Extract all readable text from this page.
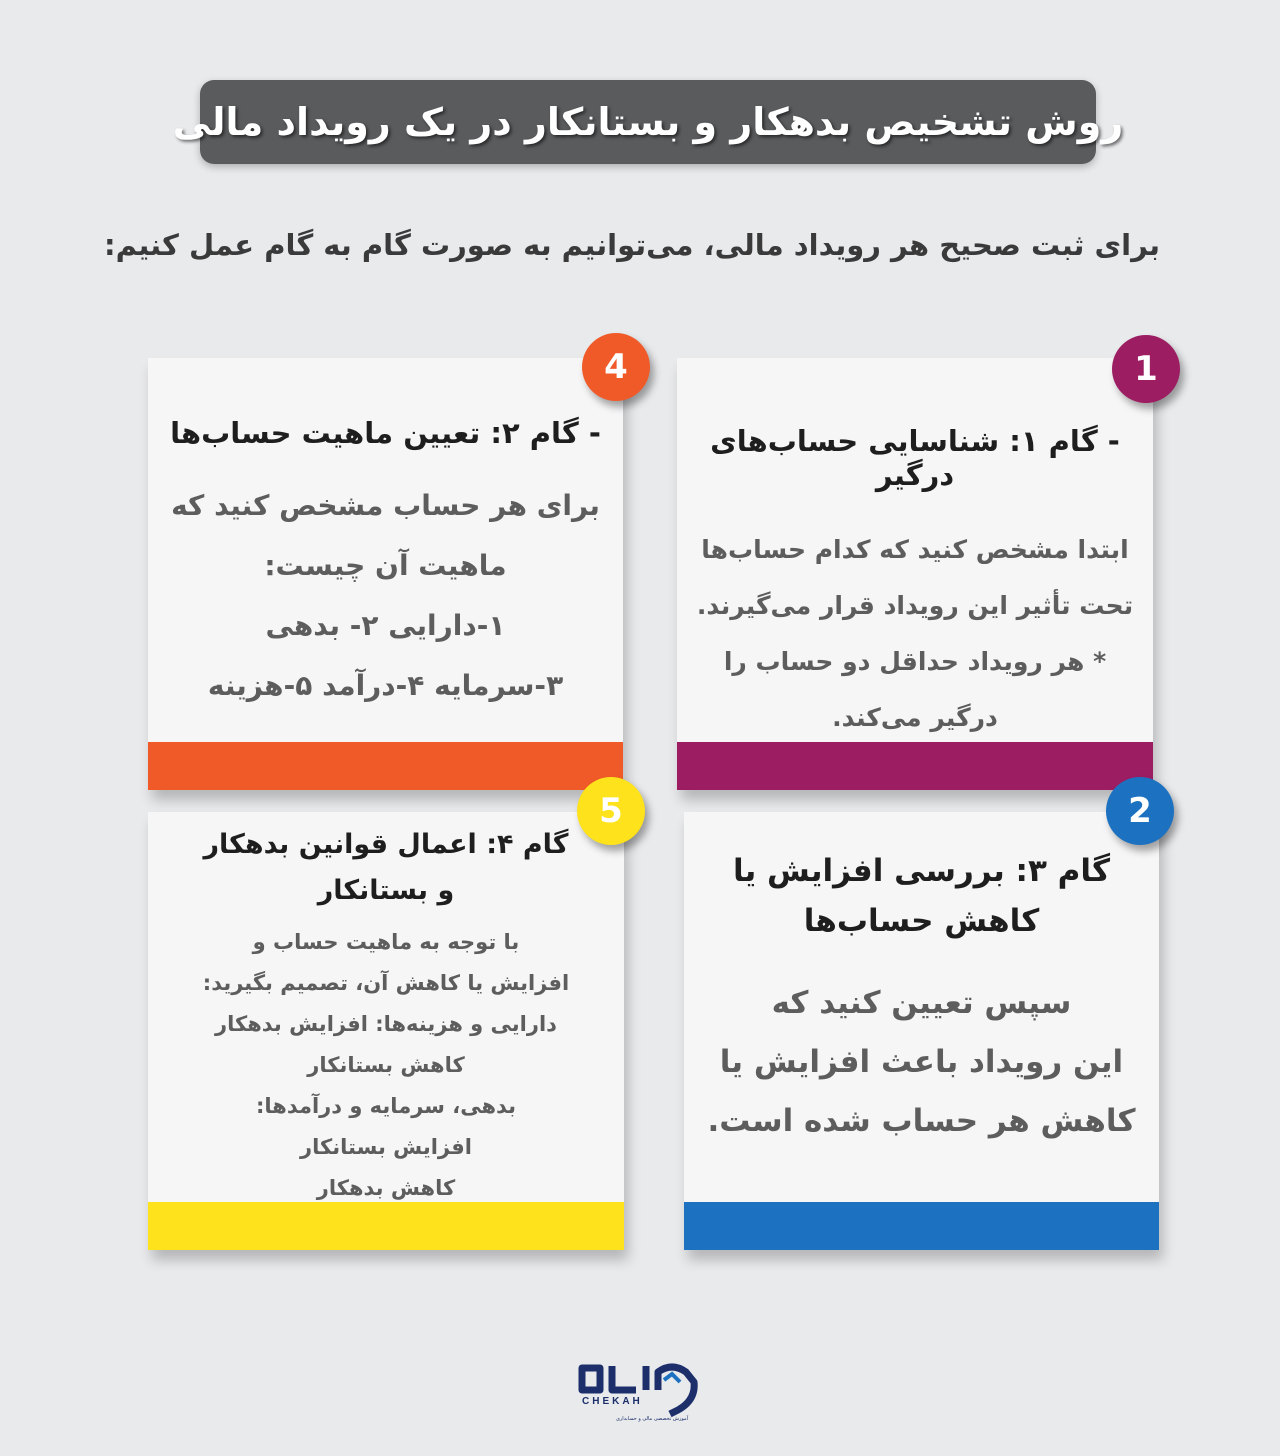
روش تشخیص بدهکار و بستانکار در یک رویداد مالی
برای ثبت صحیح هر رویداد مالی، می‌توانیم به صورت گام به گام عمل کنیم:
- گام ۱: شناسایی حساب‌های درگیر
ابتدا مشخص کنید که کدام حساب‌ها
تحت تأثیر این رویداد قرار می‌گیرند.
* هر رویداد حداقل دو حساب را
درگیر می‌کند.
1
- گام ۲: تعیین ماهیت حساب‌ها
برای هر حساب مشخص کنید که
ماهیت آن چیست:
۱-دارایی ۲- بدهی
۳-سرمایه ۴-درآمد ۵-هزینه
4
گام ۳: بررسی افزایش یا
کاهش حساب‌ها
سپس تعیین کنید که
این رویداد باعث افزایش یا
کاهش هر حساب شده است.
2
گام ۴: اعمال قوانین بدهکار
و بستانکار
با توجه به ماهیت حساب و
افزایش یا کاهش آن، تصمیم بگیرید:
دارایی و هزینه‌ها: افزایش بدهکار
کاهش بستانکار
بدهی، سرمایه و درآمدها:
افزایش بستانکار
کاهش بدهکار
5
CHEKAH
آموزش تخصصی مالی و حسابداری
